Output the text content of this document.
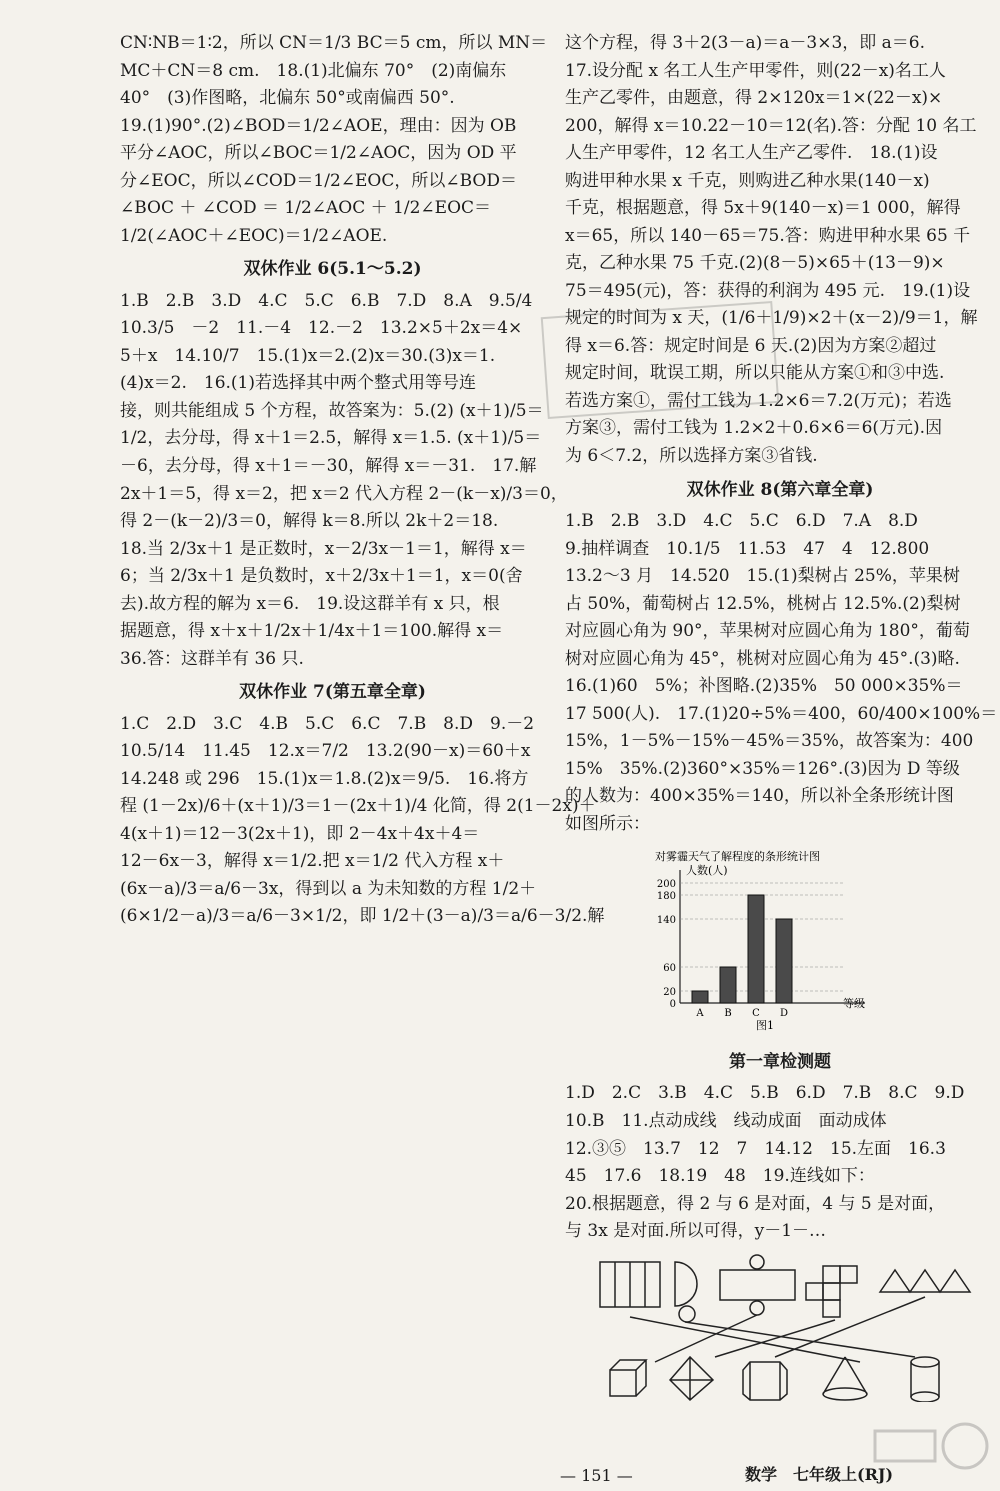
CN∶NB＝1∶2，所以 CN＝1/3 BC＝5 cm，所以 MN＝
MC＋CN＝8 cm.　18.(1)北偏东 70°　(2)南偏东
40°　(3)作图略，北偏东 50°或南偏西 50°.
19.(1)90°.(2)∠BOD＝1/2∠AOE，理由：因为 OB
平分∠AOC，所以∠BOC＝1/2∠AOC，因为 OD 平
分∠EOC，所以∠COD＝1/2∠EOC，所以∠BOD＝
∠BOC ＋ ∠COD ＝ 1/2∠AOC ＋ 1/2∠EOC＝
1/2(∠AOC＋∠EOC)＝1/2∠AOE.
双休作业 6(5.1～5.2)
1.B　2.B　3.D　4.C　5.C　6.B　7.D　8.A　9.5/4
10.3/5　－2　11.－4　12.－2　13.2×5＋2x＝4×
5＋x　14.10/7　15.(1)x＝2.(2)x＝30.(3)x＝1.
(4)x＝2.　16.(1)若选择其中两个整式用等号连
接，则共能组成 5 个方程，故答案为：5.(2) (x＋1)/5＝
1/2，去分母，得 x＋1＝2.5，解得 x＝1.5. (x＋1)/5＝
－6，去分母，得 x＋1＝－30，解得 x＝－31.　17.解
2x＋1＝5，得 x＝2，把 x＝2 代入方程 2－(k－x)/3＝0，
得 2－(k－2)/3＝0，解得 k＝8.所以 2k＋2＝18.
18.当 2/3x＋1 是正数时，x－2/3x－1＝1，解得 x＝
6；当 2/3x＋1 是负数时，x＋2/3x＋1＝1，x＝0(舍
去).故方程的解为 x＝6.　19.设这群羊有 x 只，根
据题意，得 x＋x＋1/2x＋1/4x＋1＝100.解得 x＝
36.答：这群羊有 36 只.
双休作业 7(第五章全章)
1.C　2.D　3.C　4.B　5.C　6.C　7.B　8.D　9.－2
10.5/14　11.45　12.x＝7/2　13.2(90－x)＝60＋x
14.248 或 296　15.(1)x＝1.8.(2)x＝9/5.　16.将方
程 (1－2x)/6＋(x＋1)/3＝1－(2x＋1)/4 化简，得 2(1－2x)＋
4(x＋1)＝12－3(2x＋1)，即 2－4x＋4x＋4＝
12－6x－3，解得 x＝1/2.把 x＝1/2 代入方程 x＋
(6x－a)/3＝a/6－3x，得到以 a 为未知数的方程 1/2＋
(6×1/2－a)/3＝a/6－3×1/2，即 1/2＋(3－a)/3＝a/6－3/2.解
这个方程，得 3＋2(3－a)＝a－3×3，即 a＝6.
17.设分配 x 名工人生产甲零件，则(22－x)名工人
生产乙零件，由题意，得 2×120x＝1×(22－x)×
200，解得 x＝10.22－10＝12(名).答：分配 10 名工
人生产甲零件，12 名工人生产乙零件.　18.(1)设
购进甲种水果 x 千克，则购进乙种水果(140－x)
千克，根据题意，得 5x＋9(140－x)＝1 000，解得
x＝65，所以 140－65＝75.答：购进甲种水果 65 千
克，乙种水果 75 千克.(2)(8－5)×65＋(13－9)×
75＝495(元)，答：获得的利润为 495 元.　19.(1)设
规定的时间为 x 天，(1/6＋1/9)×2＋(x－2)/9＝1，解
得 x＝6.答：规定时间是 6 天.(2)因为方案②超过
规定时间，耽误工期，所以只能从方案①和③中选.
若选方案①，需付工钱为 1.2×6＝7.2(万元)；若选
方案③，需付工钱为 1.2×2＋0.6×6＝6(万元).因
为 6＜7.2，所以选择方案③省钱.
双休作业 8(第六章全章)
1.B　2.B　3.D　4.C　5.C　6.D　7.A　8.D
9.抽样调查　10.1/5　11.53　47　4　12.800
13.2～3 月　14.520　15.(1)梨树占 25%，苹果树
占 50%，葡萄树占 12.5%，桃树占 12.5%.(2)梨树
对应圆心角为 90°，苹果树对应圆心角为 180°，葡萄
树对应圆心角为 45°，桃树对应圆心角为 45°.(3)略.
16.(1)60　5%；补图略.(2)35%　50 000×35%＝
17 500(人).　17.(1)20÷5%＝400，60/400×100%＝
15%，1－5%－15%－45%＝35%，故答案为：400
15%　35%.(2)360°×35%＝126°.(3)因为 D 等级
的人数为：400×35%＝140，所以补全条形统计图
如图所示：
对雾霾天气了解程度的条形统计图
人数(人)
200
180
140
60
20
0
A B C D
等级
图1
第一章检测题
1.D　2.C　3.B　4.C　5.B　6.D　7.B　8.C　9.D
10.B　11.点动成线　线动成面　面动成体
12.③⑤　13.7　12　7　14.12　15.左面　16.3
45　17.6　18.19　48　19.连线如下：
20.根据题意，得 2 与 6 是对面，4 与 5 是对面，
与 3x 是对面.所以可得，y－1－…
— 151 —	数学　七年级上(RJ)
